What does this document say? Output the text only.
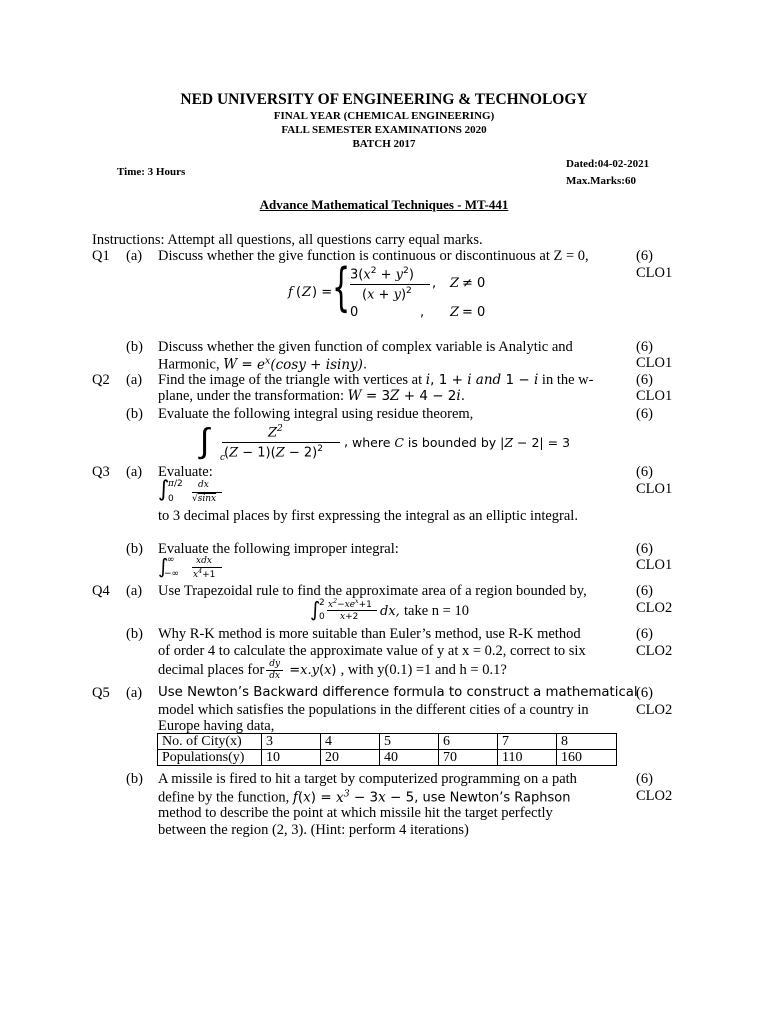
NED UNIVERSITY OF ENGINEERING & TECHNOLOGY
FINAL YEAR (CHEMICAL ENGINEERING)
FALL SEMESTER EXAMINATIONS 2020
BATCH 2017
Time: 3 Hours
Dated:04-02-2021
Max.Marks:60
Advance Mathematical Techniques - MT-441
Instructions: Attempt all questions, all questions carry equal marks.
Q1 (a) Discuss whether the give function is continuous or discontinuous at Z = 0,	(6)
CLO1
f ( Z ) = { $3(x^2 + y^2)$
$(x + y)^2$ , Z ≠ 0
0	, Z = 0
(b) Discuss whether the given function of complex variable is Analytic and
Harmonic, $W = e^x(\cos y + isiny)$.
(6)
CLO1
Q2 (a) Find the image of the triangle with vertices at i, 1 + i and 1 − i in the w-
plane, under the transformation: W = 3Z + 4 − 2i.
(6)
CLO1
(b) Evaluate the following integral using residue theorem,	(6)
∫ c
$Z^2$
$(Z - 1)(Z - 2)^2$ , where C is bounded by |Z − 2| = 3
Q3 (a) Evaluate:	(6)
CLO1
∫
π /2
0
dx
√sinx
to 3 decimal places by first expressing the integral as an elliptic integral.
(b) Evaluate the following improper integral:	(6)
CLO1
∫
∞
−∞
xdx
$x^4+1$
Q4 (a) Use Trapezoidal rule to find the approximate area of a region bounded by,	(6)
CLO2
∫
2
0
$x^2-xe^x+1$
x+2 dx, take n = 10
(b) Why R-K method is more suitable than Euler’s method, use R-K method
of order 4 to calculate the approximate value of y at x = 0.2, correct to six
decimal places for $\frac{dy}{dx} = x.y$ ( x ) , with y(0.1) =1 and h = 0.1?
(6)
CLO2
Q5 (a) Use Newton’s Backward difference formula to construct a mathematical
model which satisfies the populations in the different cities of a country in
Europe having data,
(6)
CLO2
No. of City(x)	3	4	5	6	7	8
Populations(y)	10	20	40	70	110	160
(b) A missile is fired to hit a target by computerized programming on a path
define by the function, $f(x) = x^3 - 3x - 5$, use Newton’s Raphson
method to describe the point at which missile hit the target perfectly
between the region (2, 3). (Hint: perform 4 iterations)
(6)
CLO2
